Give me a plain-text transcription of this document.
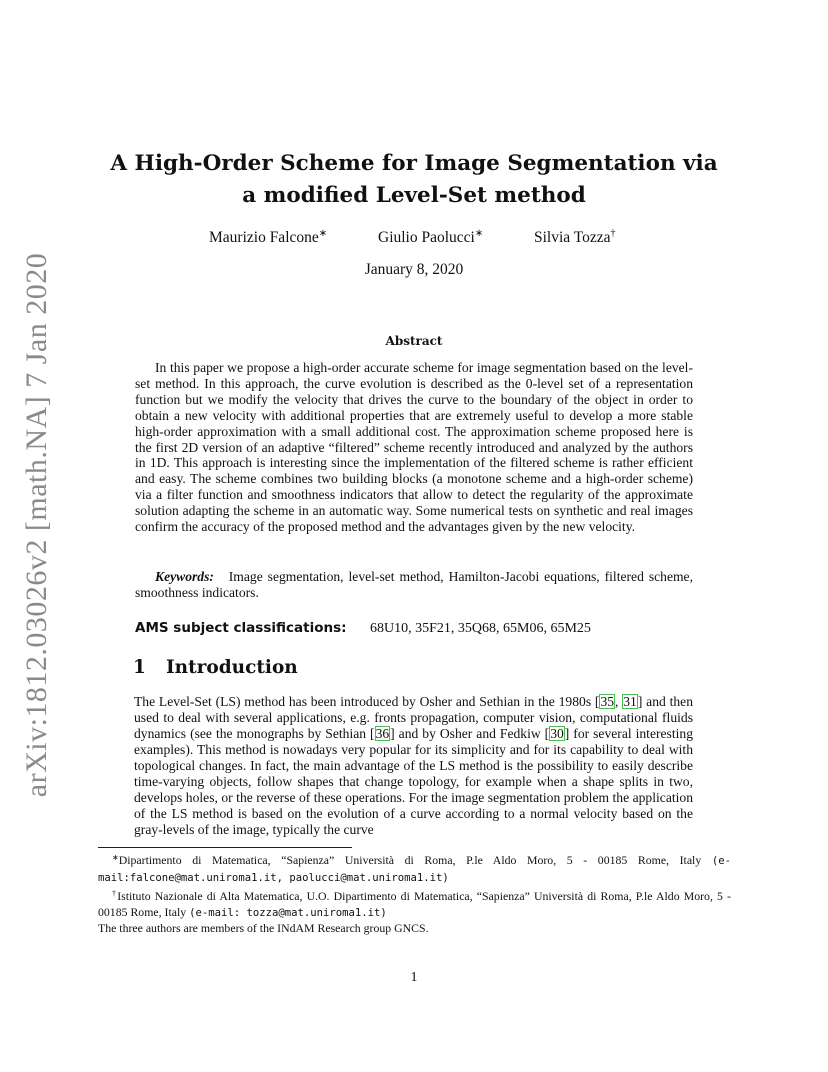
arXiv:1812.03026v2 [math.NA] 7 Jan 2020
A High-Order Scheme for Image Segmentation via a modified Level-Set method
Maurizio Falcone∗	Giulio Paolucci∗	Silvia Tozza†
January 8, 2020
Abstract

In this paper we propose a high-order accurate scheme for image segmentation based on the level-set method. In this approach, the curve evolution is described as the 0-level set of a representation function but we modify the velocity that drives the curve to the boundary of the object in order to obtain a new velocity with additional properties that are extremely useful to develop a more stable high-order approximation with a small additional cost. The approximation scheme proposed here is the first 2D version of an adaptive “filtered” scheme recently introduced and analyzed by the authors in 1D. This approach is interesting since the implementation of the filtered scheme is rather efficient and easy. The scheme combines two building blocks (a monotone scheme and a high-order scheme) via a filter function and smoothness indicators that allow to detect the regularity of the approximate solution adapting the scheme in an automatic way. Some numerical tests on synthetic and real images confirm the accuracy of the proposed method and the advantages given by the new velocity.

Keywords: Image segmentation, level-set method, Hamilton-Jacobi equations, filtered scheme, smoothness indicators.

AMS subject classifications: 68U10, 35F21, 35Q68, 65M06, 65M25
1 Introduction

The Level-Set (LS) method has been introduced by Osher and Sethian in the 1980s [35, 31] and then used to deal with several applications, e.g. fronts propagation, computer vision, computational fluids dynamics (see the monographs by Sethian [36] and by Osher and Fedkiw [30] for several interesting examples). This method is nowadays very popular for its simplicity and for its capability to deal with topological changes. In fact, the main advantage of the LS method is the possibility to easily describe time-varying objects, follow shapes that change topology, for example when a shape splits in two, develops holes, or the reverse of these operations. For the image segmentation problem the application of the LS method is based on the evolution of a curve according to a normal velocity based on the gray-levels of the image, typically the curve

∗Dipartimento di Matematica, “Sapienza” Università di Roma, P.le Aldo Moro, 5 - 00185 Rome, Italy (e-mail:falcone@mat.uniroma1.it, paolucci@mat.uniroma1.it)

†Istituto Nazionale di Alta Matematica, U.O. Dipartimento di Matematica, “Sapienza” Università di Roma, P.le Aldo Moro, 5 - 00185 Rome, Italy (e-mail: tozza@mat.uniroma1.it)

The three authors are members of the INdAM Research group GNCS.

1
